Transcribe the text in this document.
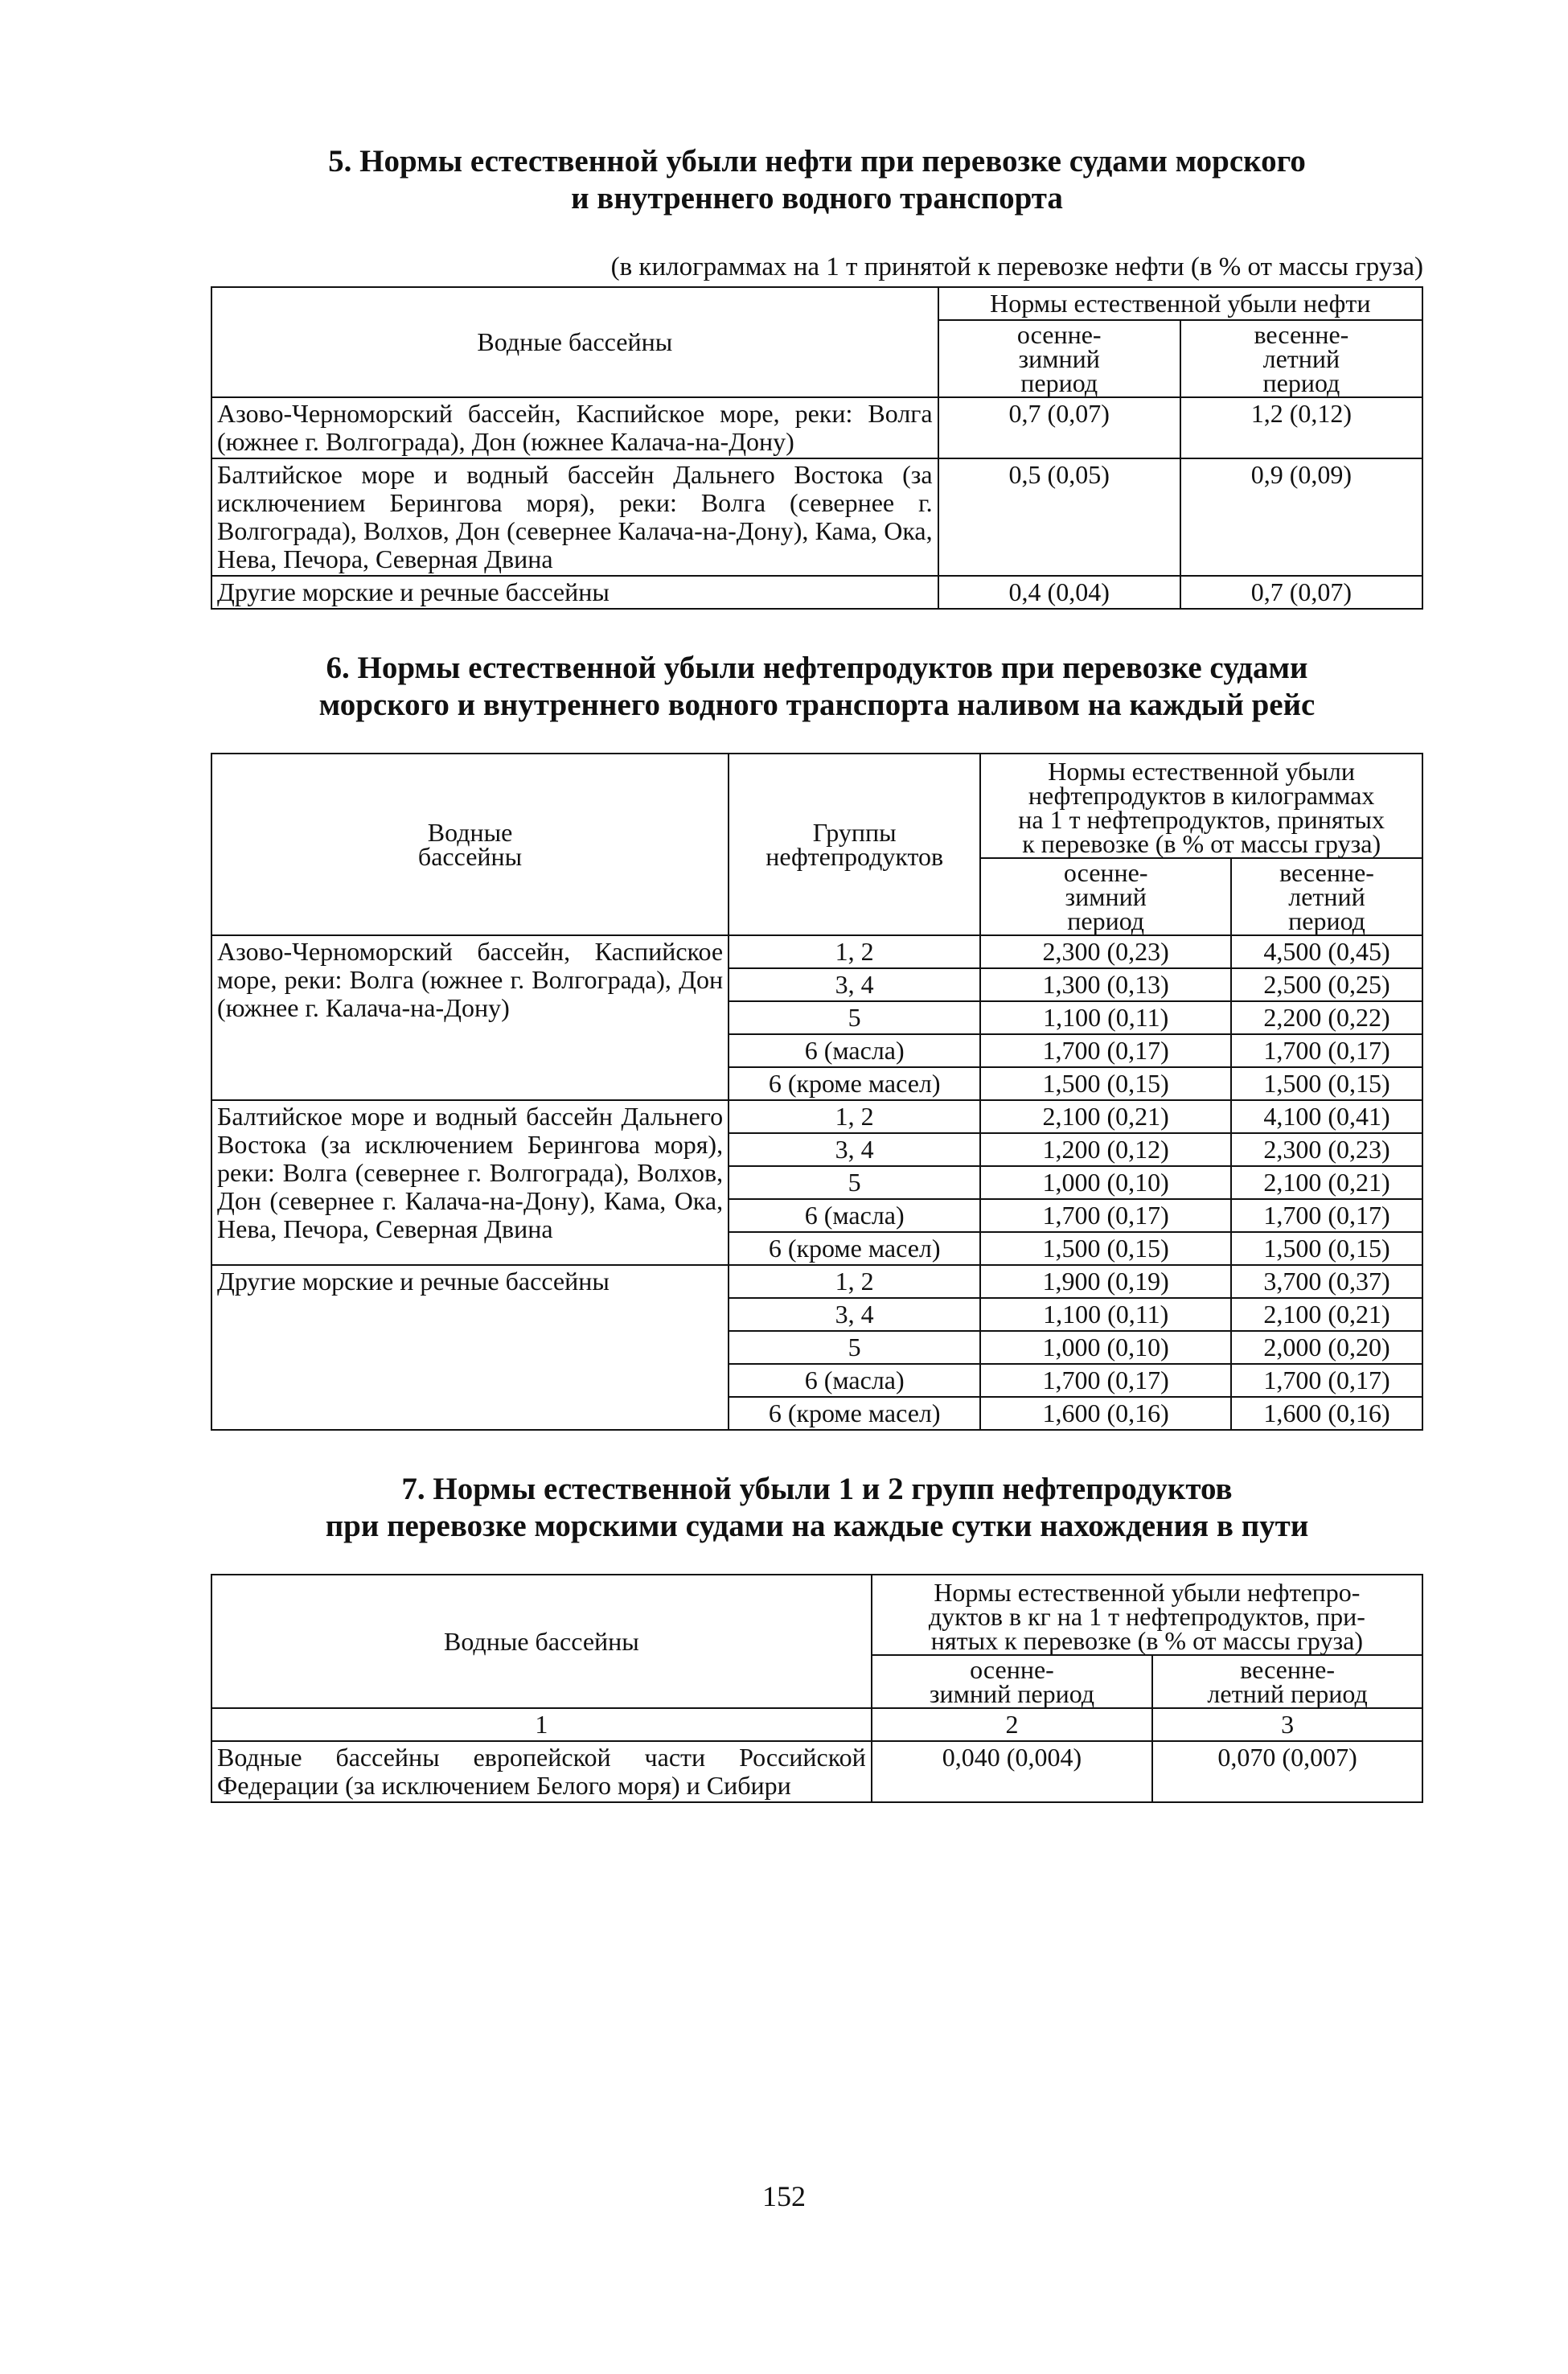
5. Нормы естественной убыли нефти при перевозке судами морского
и внутреннего водного транспорта
(в килограммах на 1 т принятой к перевозке нефти (в % от массы груза)
Водные бассейны	Нормы естественной убыли нефти	
	осенне-
зимний
период	весенне-
летний
период
Азово-Черноморский бассейн, Каспийское море, реки: Волга (южнее г. Волгограда), Дон (южнее Калача-на-Дону)	0,7 (0,07)	1,2 (0,12)
Балтийское море и водный бассейн Дальнего Востока (за исключением Берингова моря), реки: Волга (севернее г. Волгограда), Волхов, Дон (севернее Калача-на-Дону), Кама, Ока, Нева, Печора, Северная Двина	0,5 (0,05)	0,9 (0,09)
Другие морские и речные бассейны	0,4 (0,04)	0,7 (0,07)
6. Нормы естественной убыли нефтепродуктов при перевозке судами
морского и внутреннего водного транспорта наливом на каждый рейс
Водные
бассейны	Группы
нефтепродуктов	Нормы естественной убыли
нефтепродуктов в килограммах
на 1 т нефтепродуктов, принятых
к перевозке (в % от массы груза)	
		осенне-
зимний
период	весенне-
летний
период
Азово-Черноморский бассейн, Каспийское море, реки: Волга (южнее г. Волгограда), Дон (южнее г. Калача-на-Дону)	1, 2	2,300 (0,23)	4,500 (0,45)
	3, 4	1,300 (0,13)	2,500 (0,25)
	5	1,100 (0,11)	2,200 (0,22)
	6 (масла)	1,700 (0,17)	1,700 (0,17)
	6 (кроме масел)	1,500 (0,15)	1,500 (0,15)
Балтийское море и водный бассейн Дальнего Востока (за исключением Берингова моря), реки: Волга (севернее г. Волгограда), Волхов, Дон (севернее г. Калача-на-Дону), Кама, Ока, Нева, Печора, Северная Двина	1, 2	2,100 (0,21)	4,100 (0,41)
	3, 4	1,200 (0,12)	2,300 (0,23)
	5	1,000 (0,10)	2,100 (0,21)
	6 (масла)	1,700 (0,17)	1,700 (0,17)
	6 (кроме масел)	1,500 (0,15)	1,500 (0,15)
Другие морские и речные бассейны	1, 2	1,900 (0,19)	3,700 (0,37)
	3, 4	1,100 (0,11)	2,100 (0,21)
	5	1,000 (0,10)	2,000 (0,20)
	6 (масла)	1,700 (0,17)	1,700 (0,17)
	6 (кроме масел)	1,600 (0,16)	1,600 (0,16)
7. Нормы естественной убыли 1 и 2 групп нефтепродуктов
при перевозке морскими судами на каждые сутки нахождения в пути
Водные бассейны	Нормы естественной убыли нефтепро-
дуктов в кг на 1 т нефтепродуктов, при-
нятых к перевозке (в % от массы груза)	
	осенне-
зимний период	весенне-
летний период
1	2	3
Водные бассейны европейской части Российской Федерации (за исключением Белого моря) и Сибири	0,040 (0,004)	0,070 (0,007)
152
